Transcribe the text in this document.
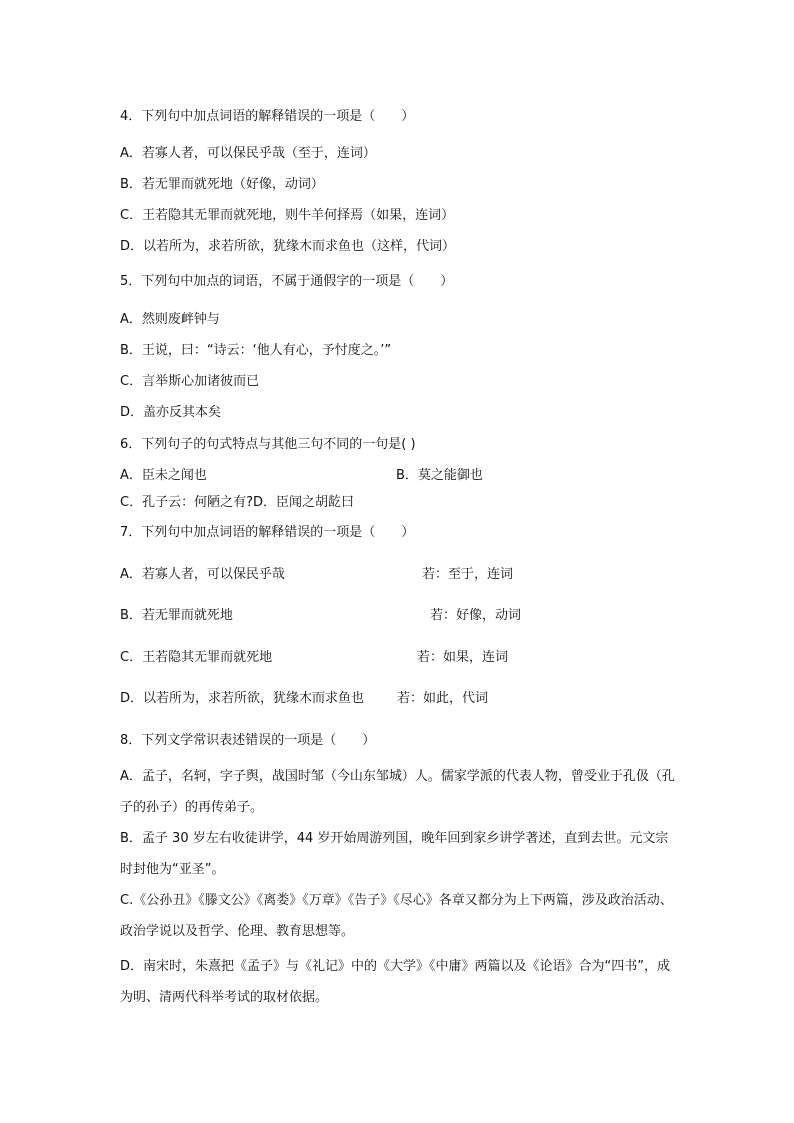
4．下列句中加点词语的解释错误的一项是（　　）
A．若寡人者，可以保民乎哉（至于，连词）
B．若无罪而就死地（好像，动词）
C．王若隐其无罪而就死地，则牛羊何择焉（如果，连词）
D．以若所为，求若所欲，犹缘木而求鱼也（这样，代词）
5．下列句中加点的词语，不属于通假字的一项是（　　）
A．然则废衅钟与
B．王说，曰：“诗云：‘他人有心，予忖度之。’”
C．言举斯心加诸彼而已
D．盖亦反其本矣
6．下列句子的句式特点与其他三句不同的一句是( )
A．臣未之闻也	B．莫之能御也
C．孔子云：何陋之有?D．臣闻之胡龁曰
7．下列句中加点词语的解释错误的一项是（　　）
A．若寡人者，可以保民乎哉	若：至于，连词
B．若无罪而就死地	若：好像，动词
C．王若隐其无罪而就死地	若：如果，连词
D．以若所为，求若所欲，犹缘木而求鱼也	若：如此，代词
8．下列文学常识表述错误的一项是（　　）
A．孟子，名轲，字子舆，战国时邹（今山东邹城）人。儒家学派的代表人物，曾受业于孔伋（孔子的孙子）的再传弟子。
B．孟子 30 岁左右收徒讲学，44 岁开始周游列国，晚年回到家乡讲学著述，直到去世。元文宗时封他为“亚圣”。
C.《公孙丑》《滕文公》《离娄》《万章》《告子》《尽心》各章又都分为上下两篇，涉及政治活动、政治学说以及哲学、伦理、教育思想等。
D．南宋时，朱熹把《孟子》与《礼记》中的《大学》《中庸》两篇以及《论语》合为“四书”，成为明、清两代科举考试的取材依据。
